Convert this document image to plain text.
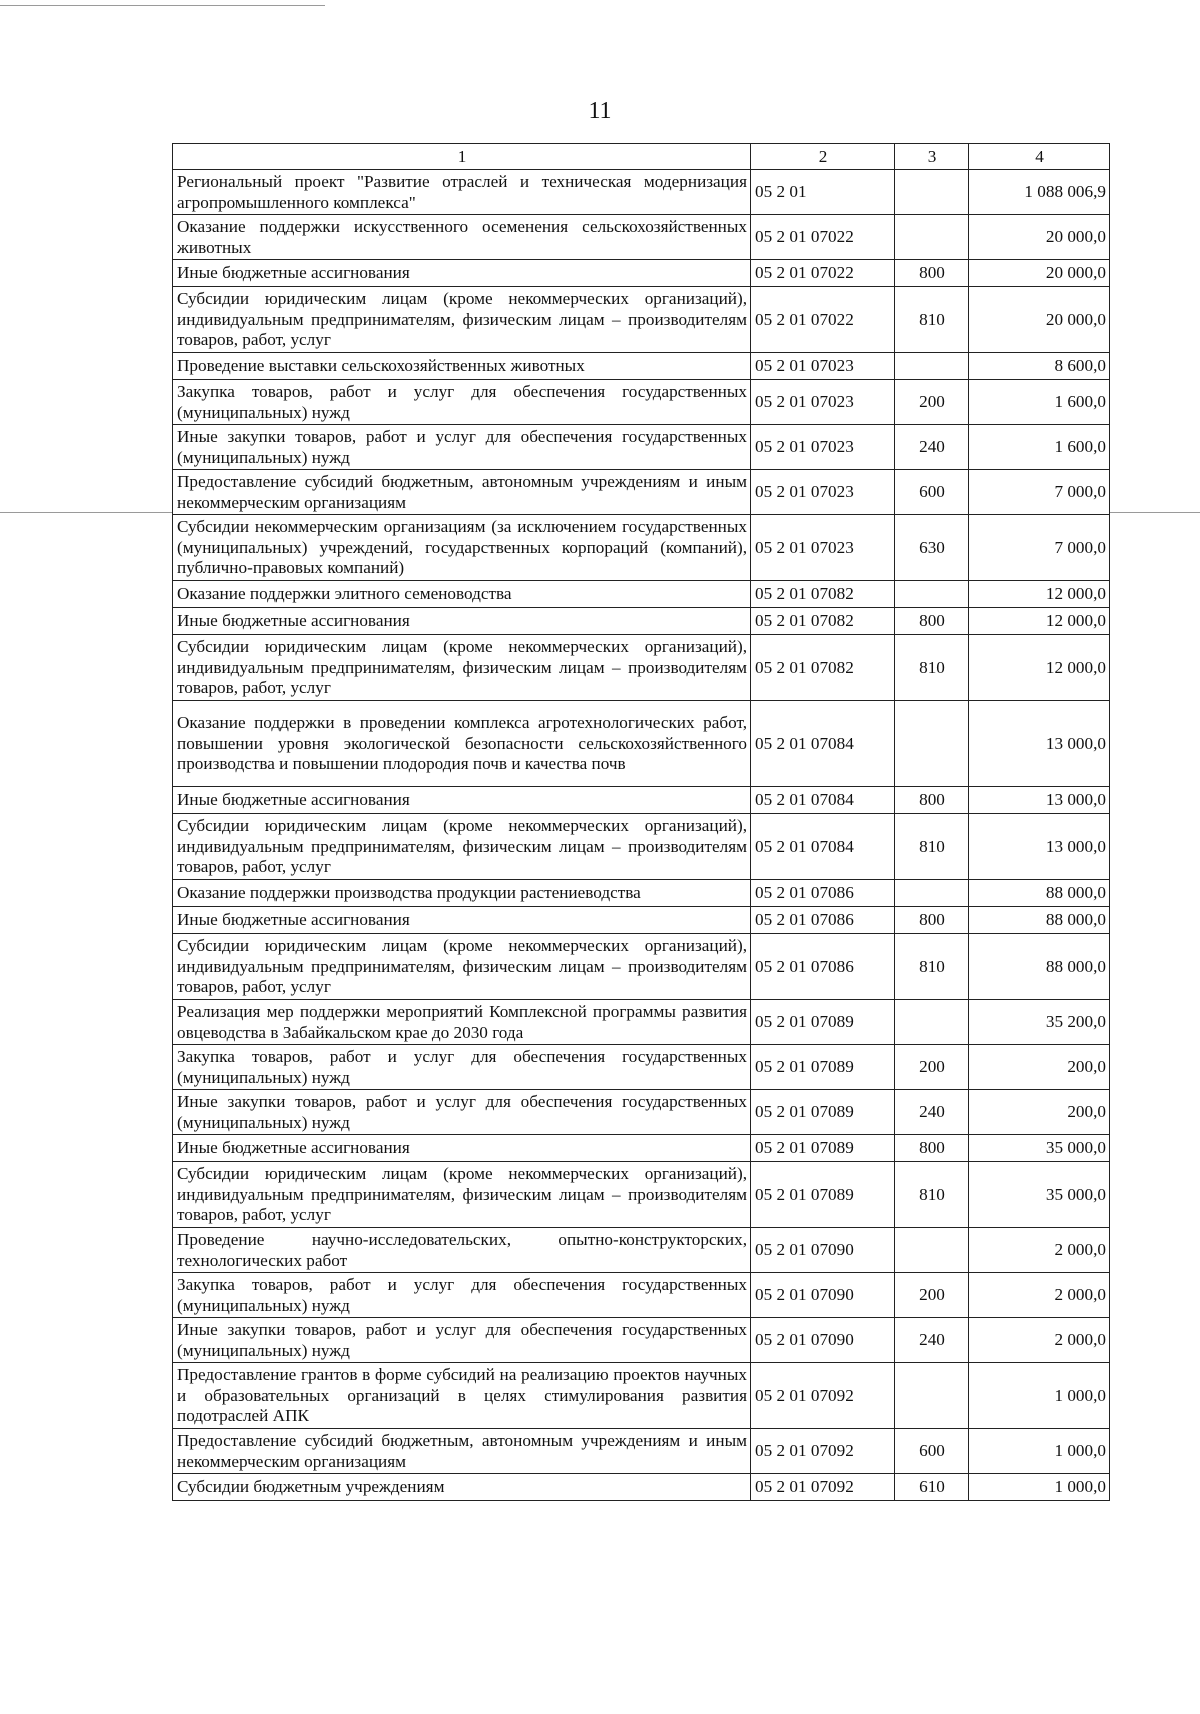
11
1	2	3	4
Региональный проект "Развитие отраслей и техническая модернизация агропромышленного комплекса"	05 2 01		1 088 006,9
Оказание поддержки искусственного осеменения сельскохозяйственных животных	05 2 01 07022		20 000,0
Иные бюджетные ассигнования	05 2 01 07022	800	20 000,0
Субсидии юридическим лицам (кроме некоммерческих организаций), индивидуальным предпринимателям, физическим лицам – производителям товаров, работ, услуг	05 2 01 07022	810	20 000,0
Проведение выставки сельскохозяйственных животных	05 2 01 07023		8 600,0
Закупка товаров, работ и услуг для обеспечения государственных (муниципальных) нужд	05 2 01 07023	200	1 600,0
Иные закупки товаров, работ и услуг для обеспечения государственных (муниципальных) нужд	05 2 01 07023	240	1 600,0
Предоставление субсидий бюджетным, автономным учреждениям и иным некоммерческим организациям	05 2 01 07023	600	7 000,0
Субсидии некоммерческим организациям (за исключением государственных (муниципальных) учреждений, государственных корпораций (компаний), публично-правовых компаний)	05 2 01 07023	630	7 000,0
Оказание поддержки элитного семеноводства	05 2 01 07082		12 000,0
Иные бюджетные ассигнования	05 2 01 07082	800	12 000,0
Субсидии юридическим лицам (кроме некоммерческих организаций), индивидуальным предпринимателям, физическим лицам – производителям товаров, работ, услуг	05 2 01 07082	810	12 000,0
Оказание поддержки в проведении комплекса агротехнологических работ, повышении уровня экологической безопасности сельскохозяйственного производства и повышении плодородия почв и качества почв	05 2 01 07084		13 000,0
Иные бюджетные ассигнования	05 2 01 07084	800	13 000,0
Субсидии юридическим лицам (кроме некоммерческих организаций), индивидуальным предпринимателям, физическим лицам – производителям товаров, работ, услуг	05 2 01 07084	810	13 000,0
Оказание поддержки производства продукции растениеводства	05 2 01 07086		88 000,0
Иные бюджетные ассигнования	05 2 01 07086	800	88 000,0
Субсидии юридическим лицам (кроме некоммерческих организаций), индивидуальным предпринимателям, физическим лицам – производителям товаров, работ, услуг	05 2 01 07086	810	88 000,0
Реализация мер поддержки мероприятий Комплексной программы развития овцеводства в Забайкальском крае до 2030 года	05 2 01 07089		35 200,0
Закупка товаров, работ и услуг для обеспечения государственных (муниципальных) нужд	05 2 01 07089	200	200,0
Иные закупки товаров, работ и услуг для обеспечения государственных (муниципальных) нужд	05 2 01 07089	240	200,0
Иные бюджетные ассигнования	05 2 01 07089	800	35 000,0
Субсидии юридическим лицам (кроме некоммерческих организаций), индивидуальным предпринимателям, физическим лицам – производителям товаров, работ, услуг	05 2 01 07089	810	35 000,0
Проведение научно-исследовательских, опытно-конструкторских, технологических работ	05 2 01 07090		2 000,0
Закупка товаров, работ и услуг для обеспечения государственных (муниципальных) нужд	05 2 01 07090	200	2 000,0
Иные закупки товаров, работ и услуг для обеспечения государственных (муниципальных) нужд	05 2 01 07090	240	2 000,0
Предоставление грантов в форме субсидий на реализацию проектов научных и образовательных организаций в целях стимулирования развития подотраслей АПК	05 2 01 07092		1 000,0
Предоставление субсидий бюджетным, автономным учреждениям и иным некоммерческим организациям	05 2 01 07092	600	1 000,0
Субсидии бюджетным учреждениям	05 2 01 07092	610	1 000,0
